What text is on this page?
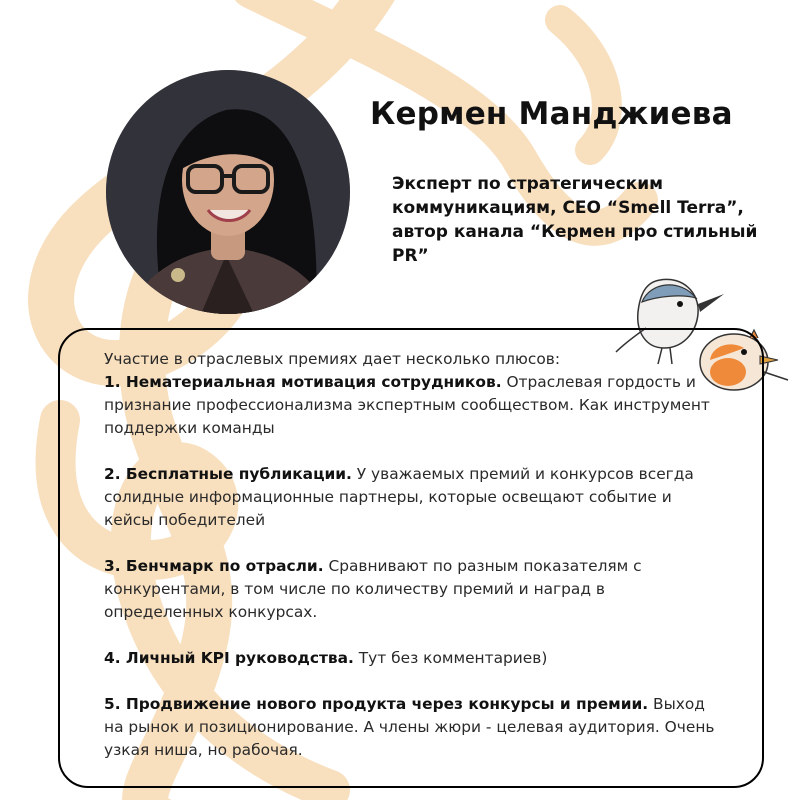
Кермен Манджиева
Эксперт по стратегическим коммуникациям, CEO “Smell Terra”, автор канала “Кермен про стильный PR”

Участие в отраслевых премиях дает несколько плюсов:

1. Нематериальная мотивация сотрудников. Отраслевая гордость и признание профессионализма экспертным сообществом. Как инструмент поддержки команды

2. Бесплатные публикации. У уважаемых премий и конкурсов всегда солидные информационные партнеры, которые освещают событие и кейсы победителей

3. Бенчмарк по отрасли. Сравнивают по разным показателям с конкурентами, в том числе по количеству премий и наград в определенных конкурсах.

4. Личный KPI руководства. Тут без комментариев)

5. Продвижение нового продукта через конкурсы и премии. Выход на рынок и позиционирование. А члены жюри - целевая аудитория. Очень узкая ниша, но рабочая.
